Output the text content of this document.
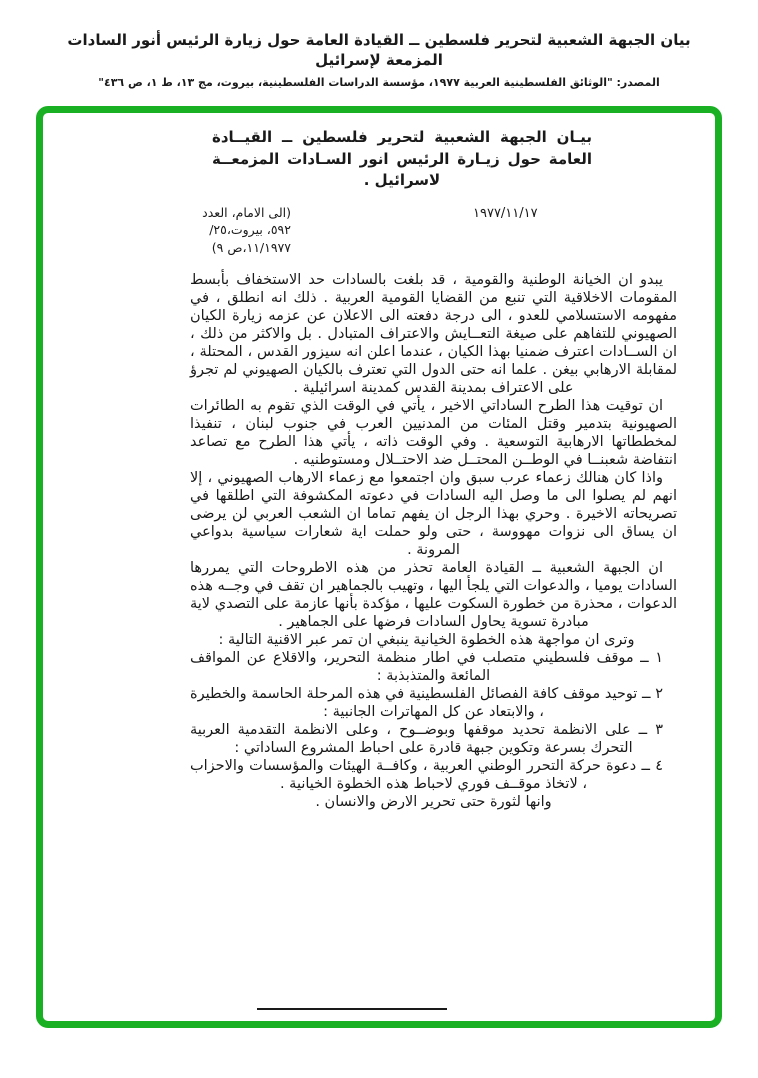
بيان الجبهة الشعبية لتحرير فلسطين ــ القيادة العامة حول زيارة الرئيس أنور السادات المزمعة لإسرائيل
المصدر: "الوثائق الفلسطينية العربية ١٩٧٧، مؤسسة الدراسات الفلسطينية، بيروت، مج ١٣، ط ١، ص ٤٣٦"
بيـان الجبهة الشعبية لتحرير فلسطين ــ القيــادة
العامة حول زيـارة الرئيس انور السـادات المزمعــة
لاسرائيل .
١٩٧٧/١١/١٧
(الى الامام، العدد
٥٩٢، بيروت،٢٥/
١١/١٩٧٧،ص ٩)

يبدو ان الخيانة الوطنية والقومية ، قد بلغت بالسادات حد الاستخفاف بأبسط المقومات الاخلاقية التي تنبع من القضايا القومية العربية . ذلك انه انطلق ، في مفهومه الاستسلامي للعدو ، الى درجة دفعته الى الاعلان عن عزمه زيارة الكيان الصهيوني للتفاهم على صيغة التعــايش والاعتراف المتبادل . بل والاكثر من ذلك ، ان الســادات اعترف ضمنيا بهذا الكيان ، عندما اعلن انه سيزور القدس ، المحتلة ، لمقابلة الارهابي بيغن . علما انه حتى الدول التي تعترف بالكيان الصهيوني لم تجرؤ على الاعتراف بمدينة القدس كمدينة اسرائيلية .

ان توقيت هذا الطرح الساداتي الاخير ، يأتي في الوقت الذي تقوم به الطائرات الصهيونية بتدمير وقتل المئات من المدنيين العرب في جنوب لبنان ، تنفيذا لمخططاتها الارهابية التوسعية . وفي الوقت ذاته ، يأتي هذا الطرح مع تصاعد انتفاضة شعبنــا في الوطــن المحتــل ضد الاحتــلال ومستوطنيه .

واذا كان هنالك زعماء عرب سبق وان اجتمعوا مع زعماء الارهاب الصهيوني ، إلا انهم لم يصلوا الى ما وصل اليه السادات في دعوته المكشوفة التي اطلقها في تصريحاته الاخيرة . وحري بهذا الرجل ان يفهم تماما ان الشعب العربي لن يرضى ان يساق الى نزوات مهووسة ، حتى ولو حملت اية شعارات سياسية بدواعي المرونة .

ان الجبهة الشعبية ــ القيادة العامة تحذر من هذه الاطروحات التي يمررها السادات يوميا ، والدعوات التي يلجأ اليها ، وتهيب بالجماهير ان تقف في وجــه هذه الدعوات ، محذرة من خطورة السكوت عليها ، مؤكدة بأنها عازمة على التصدي لاية مبادرة تسوية يحاول السادات فرضها على الجماهير .

وترى ان مواجهة هذه الخطوة الخيانية ينبغي ان تمر عبر الاقنية التالية :

١ ــ موقف فلسطيني متصلب في اطار منظمة التحرير، والاقلاع عن المواقف المائعة والمتذبذبة :

٢ ــ توحيد موقف كافة الفصائل الفلسطينية في هذه المرحلة الحاسمة والخطيرة ، والابتعاد عن كل المهاترات الجانبية :

٣ ــ على الانظمة تحديد موقفها وبوضــوح ، وعلى الانظمة التقدمية العربية التحرك بسرعة وتكوين جبهة قادرة على احباط المشروع الساداتي :

٤ ــ دعوة حركة التحرر الوطني العربية ، وكافــة الهيئات والمؤسسات والاحزاب ، لاتخاذ موقــف فوري لاحباط هذه الخطوة الخيانية .

وانها لثورة حتى تحرير الارض والانسان .
